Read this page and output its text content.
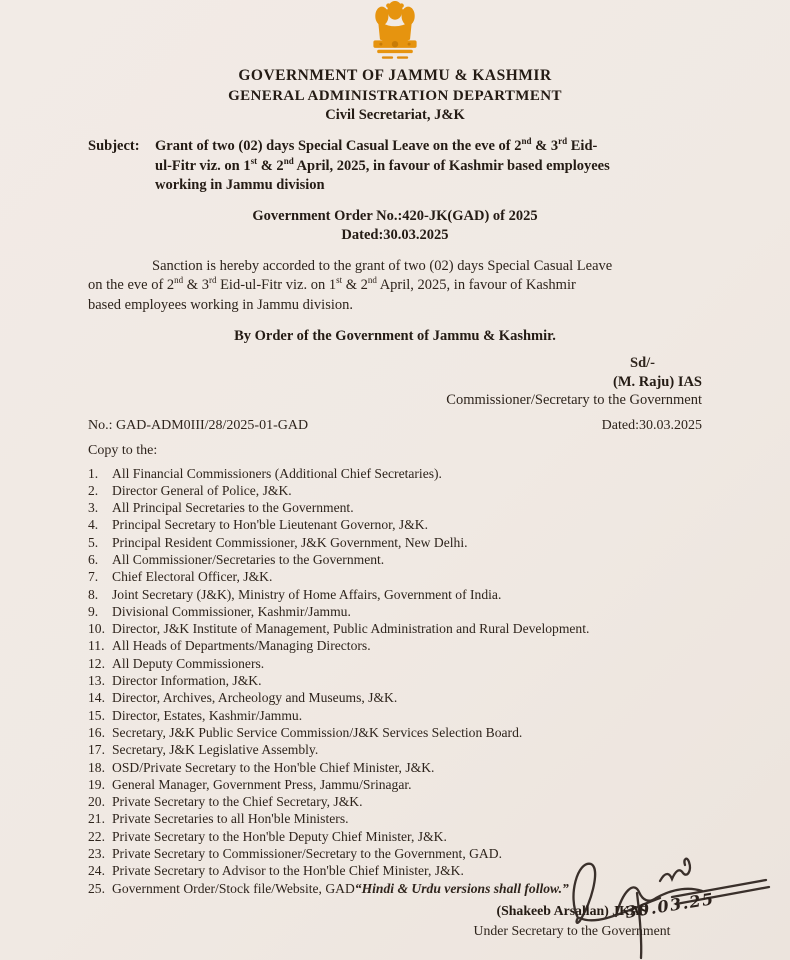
GOVERNMENT OF JAMMU & KASHMIR
GENERAL ADMINISTRATION DEPARTMENT
Civil Secretariat, J&K
Subject: Grant of two (02) days Special Casual Leave on the eve of 2nd & 3rd Eid-
ul-Fitr viz. on 1st & 2nd April, 2025, in favour of Kashmir based employees
working in Jammu division
Government Order No.:420-JK(GAD) of 2025
Dated:30.03.2025
Sanction is hereby accorded to the grant of two (02) days Special Casual Leave
on the eve of 2nd & 3rd Eid-ul-Fitr viz. on 1st & 2nd April, 2025, in favour of Kashmir
based employees working in Jammu division.
By Order of the Government of Jammu & Kashmir.
Sd/-
(M. Raju) IAS
Commissioner/Secretary to the Government
No.: GAD-ADM0III/28/2025-01-GAD	Dated:30.03.2025
Copy to the:
1.	All Financial Commissioners (Additional Chief Secretaries).
2.	Director General of Police, J&K.
3.	All Principal Secretaries to the Government.
4.	Principal Secretary to Hon'ble Lieutenant Governor, J&K.
5.	Principal Resident Commissioner, J&K Government, New Delhi.
6.	All Commissioner/Secretaries to the Government.
7.	Chief Electoral Officer, J&K.
8.	Joint Secretary (J&K), Ministry of Home Affairs, Government of India.
9.	Divisional Commissioner, Kashmir/Jammu.
10. Director, J&K Institute of Management, Public Administration and Rural Development.
11. All Heads of Departments/Managing Directors.
12. All Deputy Commissioners.
13. Director Information, J&K.
14. Director, Archives, Archeology and Museums, J&K.
15. Director, Estates, Kashmir/Jammu.
16. Secretary, J&K Public Service Commission/J&K Services Selection Board.
17. Secretary, J&K Legislative Assembly.
18. OSD/Private Secretary to the Hon'ble Chief Minister, J&K.
19. General Manager, Government Press, Jammu/Srinagar.
20. Private Secretary to the Chief Secretary, J&K.
21. Private Secretaries to all Hon'ble Ministers.
22. Private Secretary to the Hon'ble Deputy Chief Minister, J&K.
23. Private Secretary to Commissioner/Secretary to the Government, GAD.
24. Private Secretary to Advisor to the Hon'ble Chief Minister, J&K.
25. Government Order/Stock file/Website, GAD “Hindi & Urdu versions shall follow.”
(Shakeeb Arsallan) JKAS
Under Secretary to the Government
30.03.25
